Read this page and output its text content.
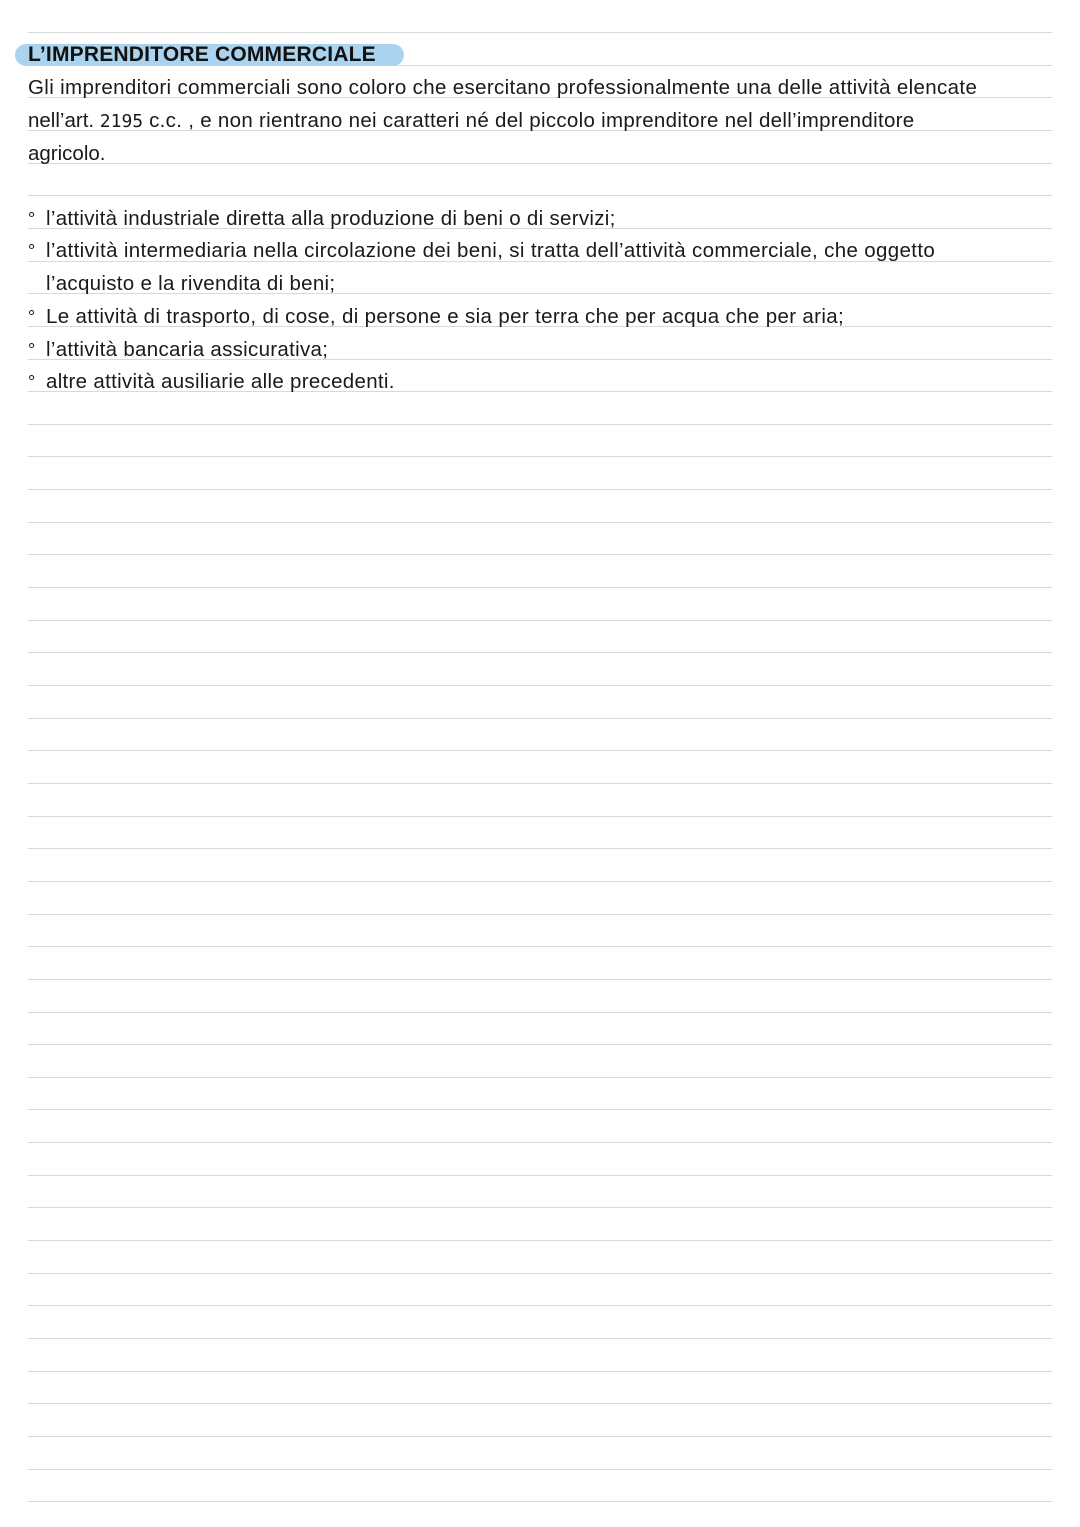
L’IMPRENDITORE COMMERCIALE
Gli imprenditori commerciali sono coloro che esercitano professionalmente una delle attività elencate
nell’art. 2195 c.c. , e non rientrano nei caratteri né del piccolo imprenditore nel dell’imprenditore
agricolo.
° l’attività industriale diretta alla produzione di beni o di servizi;
° l’attività intermediaria nella circolazione dei beni, si tratta dell’attività commerciale, che oggetto
l’acquisto e la rivendita di beni;
° Le attività di trasporto, di cose, di persone e sia per terra che per acqua che per aria;
° l’attività bancaria assicurativa;
° altre attività ausiliarie alle precedenti.
